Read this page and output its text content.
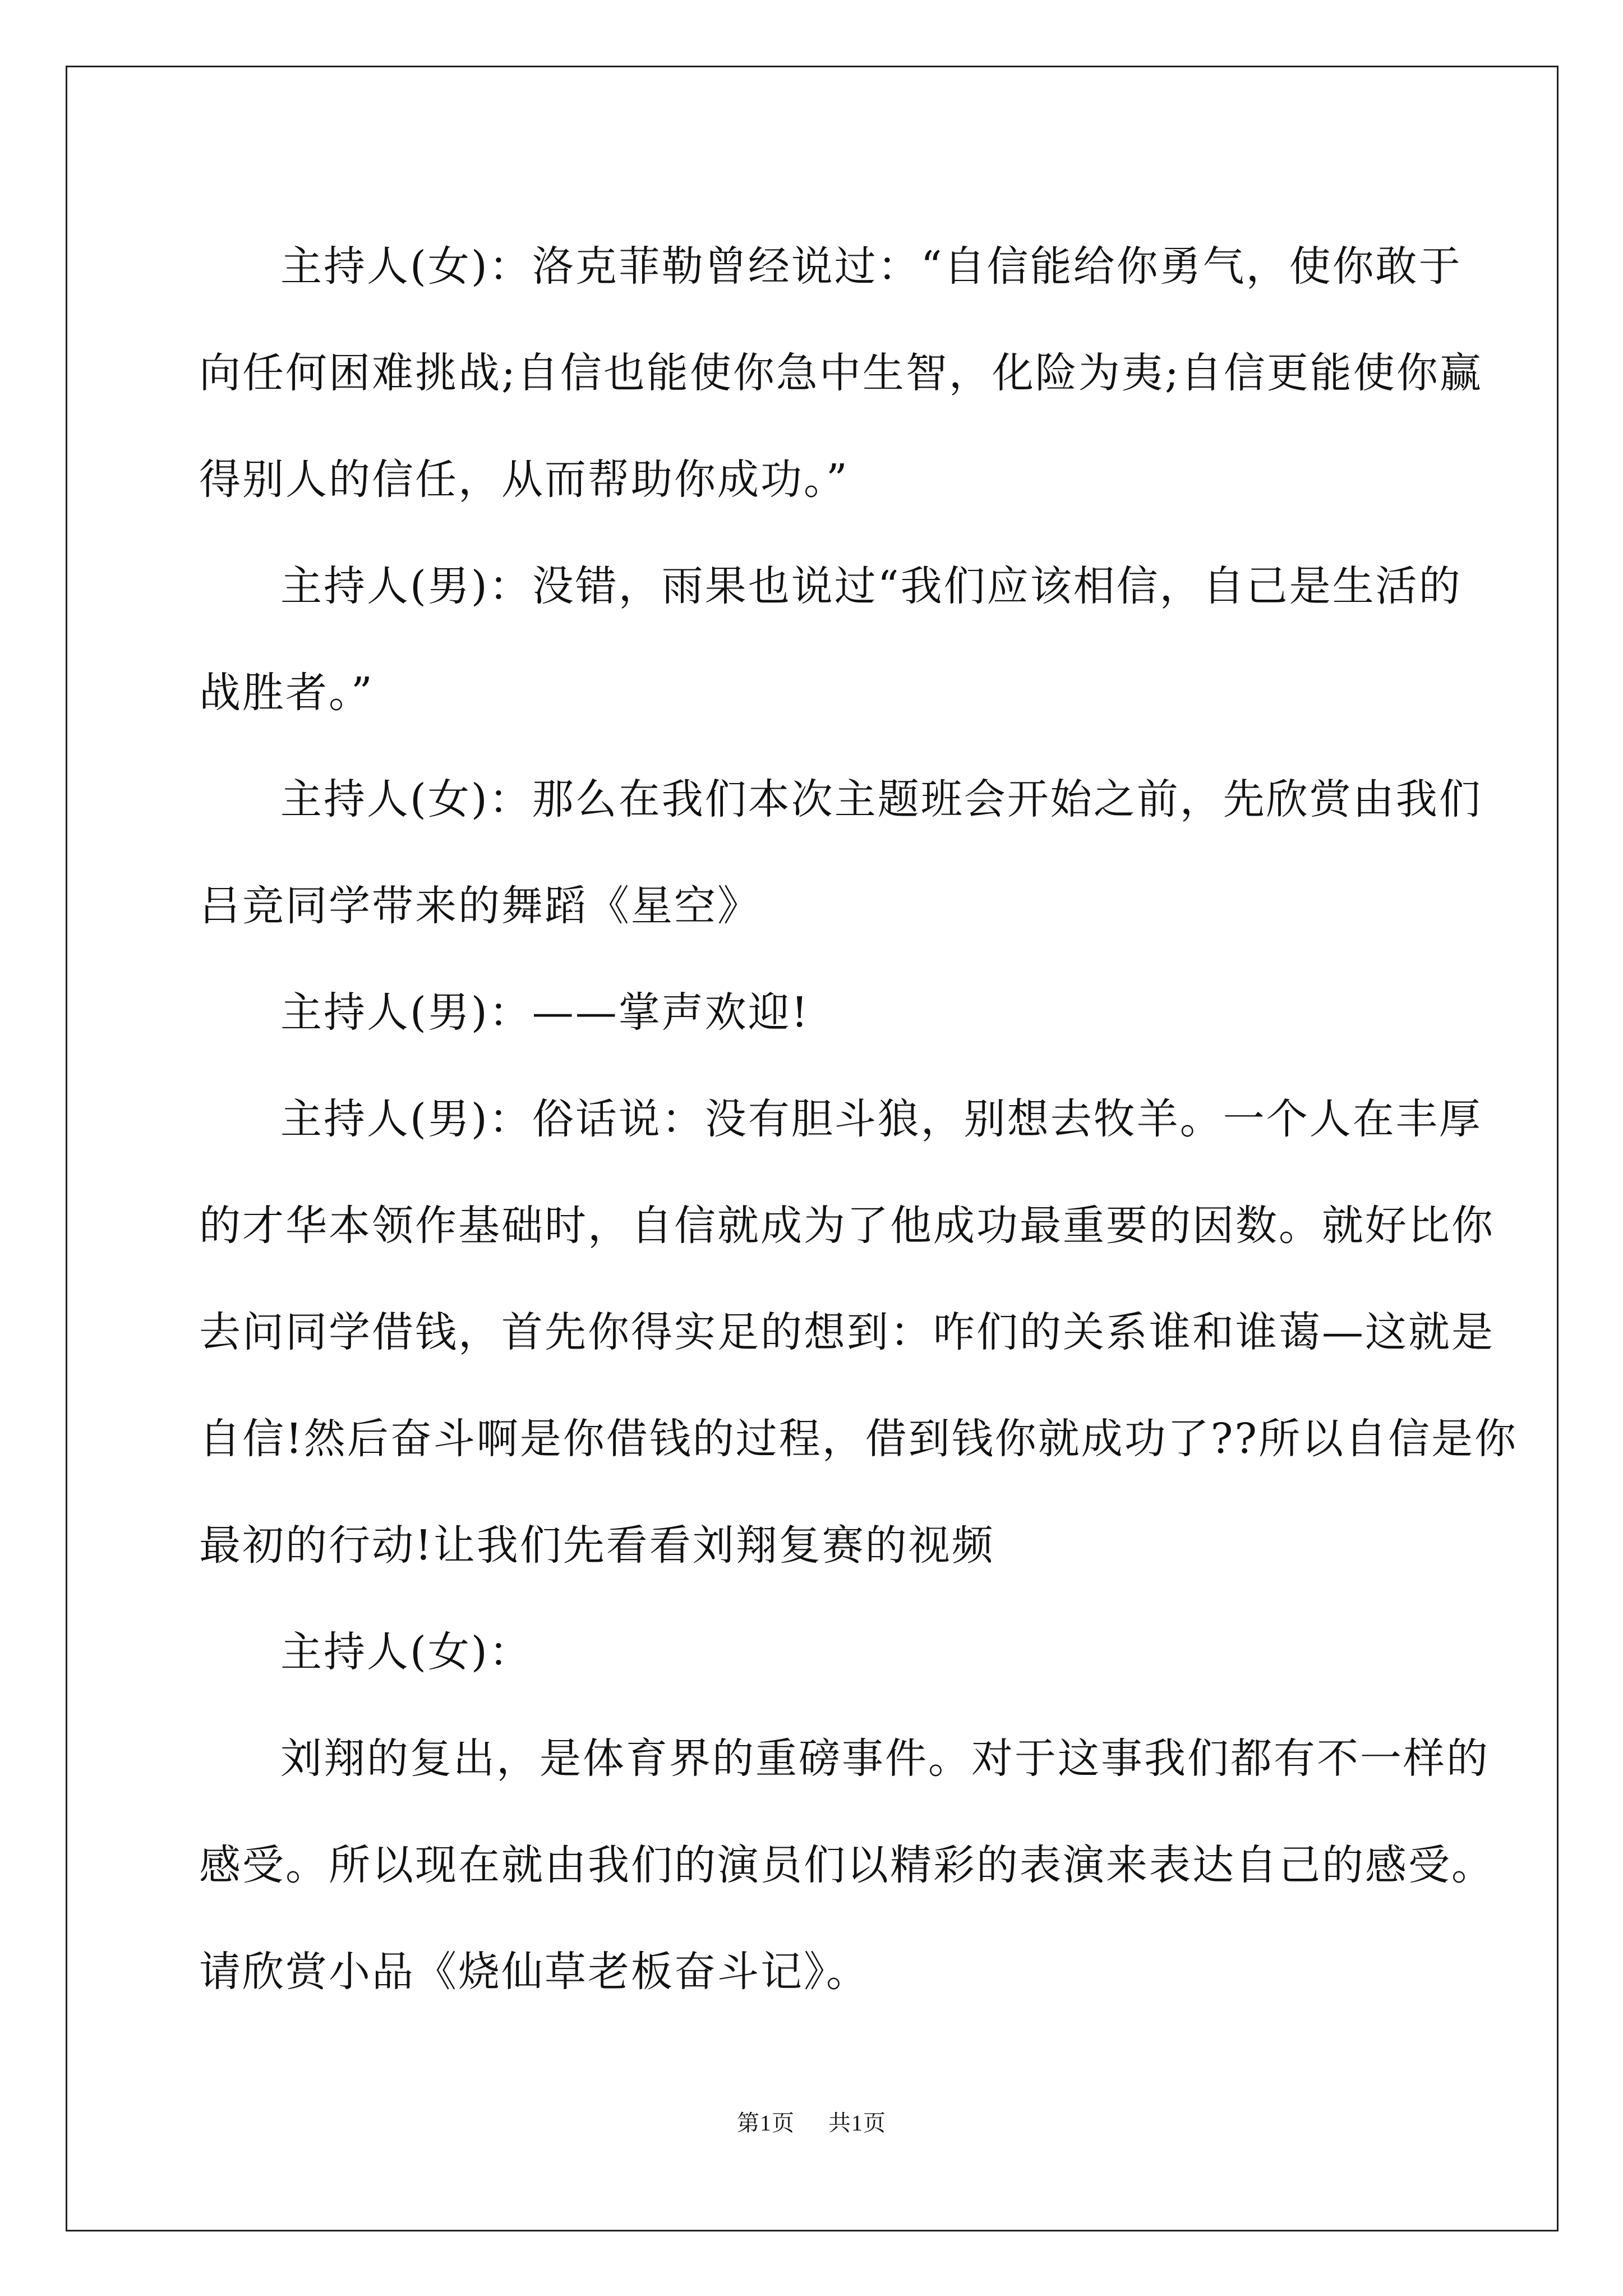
主持人(女)：洛克菲勒曾经说过：“自信能给你勇气，使你敢于
向任何困难挑战;自信也能使你急中生智，化险为夷;自信更能使你赢
得别人的信任，从而帮助你成功。”
主持人(男)：没错，雨果也说过“我们应该相信，自己是生活的
战胜者。”
主持人(女)：那么在我们本次主题班会开始之前，先欣赏由我们
吕竞同学带来的舞蹈《星空》
主持人(男)：——掌声欢迎!
主持人(男)：俗话说：没有胆斗狼，别想去牧羊。一个人在丰厚
的才华本领作基础时，自信就成为了他成功最重要的因数。就好比你
去问同学借钱，首先你得实足的想到：咋们的关系谁和谁蔼—这就是
自信!然后奋斗啊是你借钱的过程，借到钱你就成功了??所以自信是你
最初的行动!让我们先看看刘翔复赛的视频
主持人(女)：
刘翔的复出，是体育界的重磅事件。对于这事我们都有不一样的
感受。所以现在就由我们的演员们以精彩的表演来表达自己的感受。
请欣赏小品《烧仙草老板奋斗记》。
第1页 共1页
